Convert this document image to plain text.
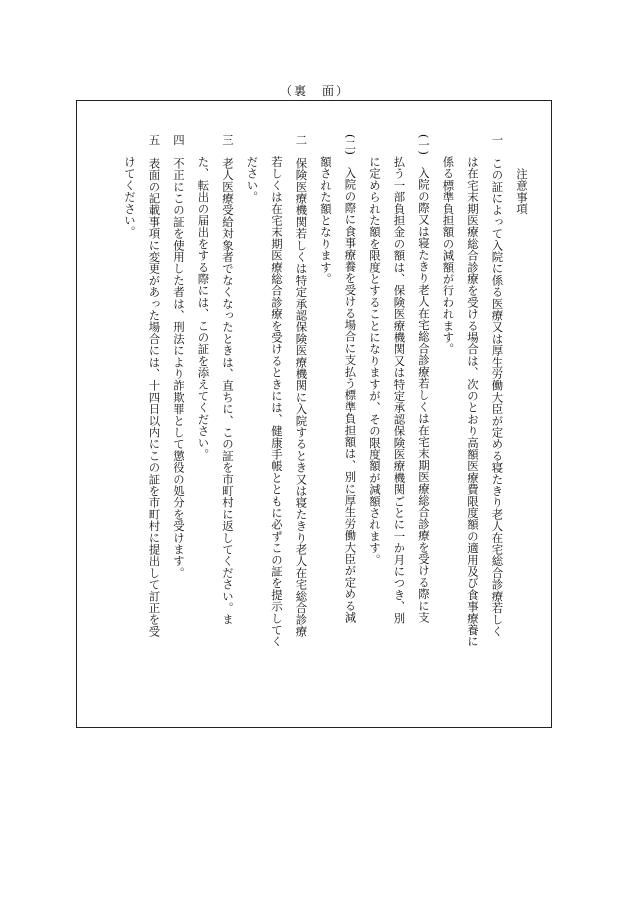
（裏　面）
注意事項
一　この証によって入院に係る医療又は厚生労働大臣が定める寝たきり老人在宅総合診療若しく
は在宅末期医療総合診療を受ける場合は、次のとおり高額医療費限度額の適用及び食事療養に
係る標準負担額の減額が行われます。
(一)　入院の際又は寝たきり老人在宅総合診療若しくは在宅末期医療総合診療を受ける際に支
払う一部負担金の額は、保険医療機関又は特定承認保険医療機関ごとに一か月につき、別
に定められた額を限度とすることになりますが、その限度額が減額されます。
(二)　入院の際に食事療養を受ける場合に支払う標準負担額は、別に厚生労働大臣が定める減
額された額となります。
二　保険医療機関若しくは特定承認保険医療機関に入院するとき又は寝たきり老人在宅総合診療
若しくは在宅末期医療総合診療を受けるときには、健康手帳とともに必ずこの証を提示してく
ださい。
三　老人医療受給対象者でなくなったときは、直ちに、この証を市町村に返してください。ま
た、転出の届出をする際には、この証を添えてください。
四　不正にこの証を使用した者は、刑法により詐欺罪として懲役の処分を受けます。
五　表面の記載事項に変更があった場合には、十四日以内にこの証を市町村に提出して訂正を受
けてください。
